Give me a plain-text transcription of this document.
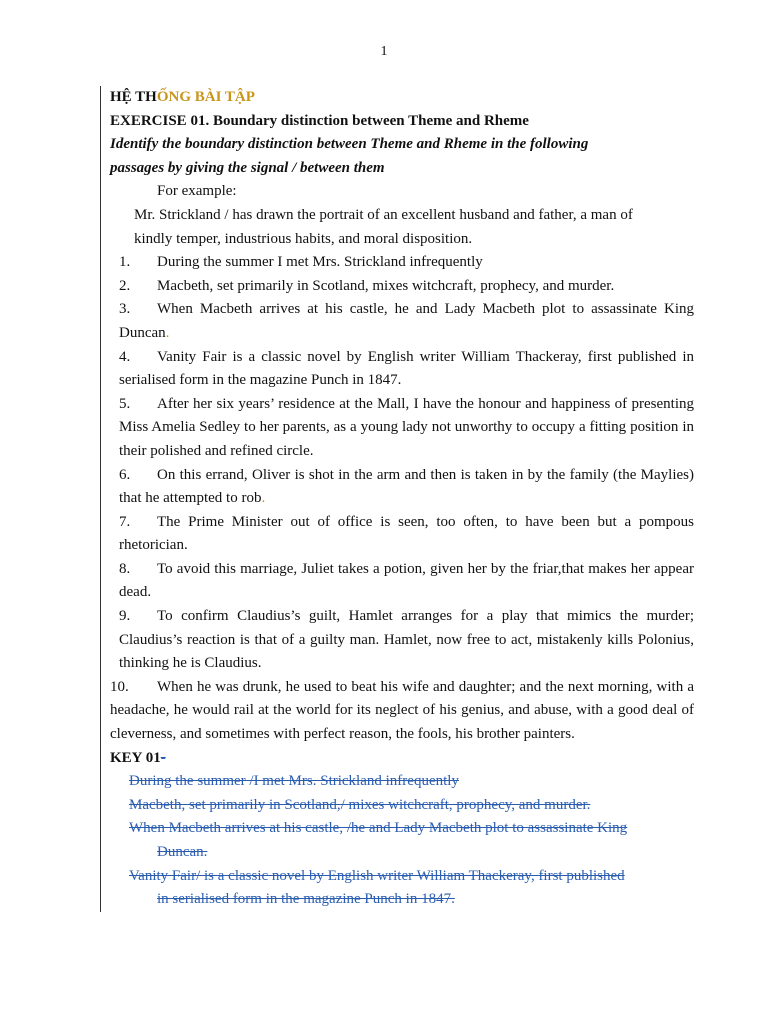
1
HỆ THỐNG BÀI TẬP
EXERCISE 01. Boundary distinction between Theme and Rheme
Identify the boundary distinction between Theme and Rheme in the following
passages by giving the signal / between them
For example:
Mr. Strickland / has drawn the portrait of an excellent husband and father, a man of
kindly temper, industrious habits, and moral disposition.
1. During the summer I met Mrs. Strickland infrequently
2. Macbeth, set primarily in Scotland, mixes witchcraft, prophecy, and murder.
3. When Macbeth arrives at his castle, he and Lady Macbeth plot to assassinate King Duncan.
4. Vanity Fair is a classic novel by English writer William Thackeray, first published in serialised form in the magazine Punch in 1847.
5. After her six years’ residence at the Mall, I have the honour and happiness of presenting Miss Amelia Sedley to her parents, as a young lady not unworthy to occupy a fitting position in their polished and refined circle.
6. On this errand, Oliver is shot in the arm and then is taken in by the family (the Maylies) that he attempted to rob.
7. The Prime Minister out of office is seen, too often, to have been but a pompous rhetorician.
8. To avoid this marriage, Juliet takes a potion, given her by the friar,that makes her appear dead.
9. To confirm Claudius’s guilt, Hamlet arranges for a play that mimics the murder; Claudius’s reaction is that of a guilty man. Hamlet, now free to act, mistakenly kills Polonius, thinking he is Claudius.
10. When he was drunk, he used to beat his wife and daughter; and the next morning, with a headache, he would rail at the world for its neglect of his genius, and abuse, with a good deal of cleverness, and sometimes with perfect reason, the fools, his brother painters.
KEY 01-
During the summer /I met Mrs. Strickland infrequently
Macbeth, set primarily in Scotland,/ mixes witchcraft, prophecy, and murder.
When Macbeth arrives at his castle, /he and Lady Macbeth plot to assassinate King
Duncan.
Vanity Fair/ is a classic novel by English writer William Thackeray, first published
in serialised form in the magazine Punch in 1847.
